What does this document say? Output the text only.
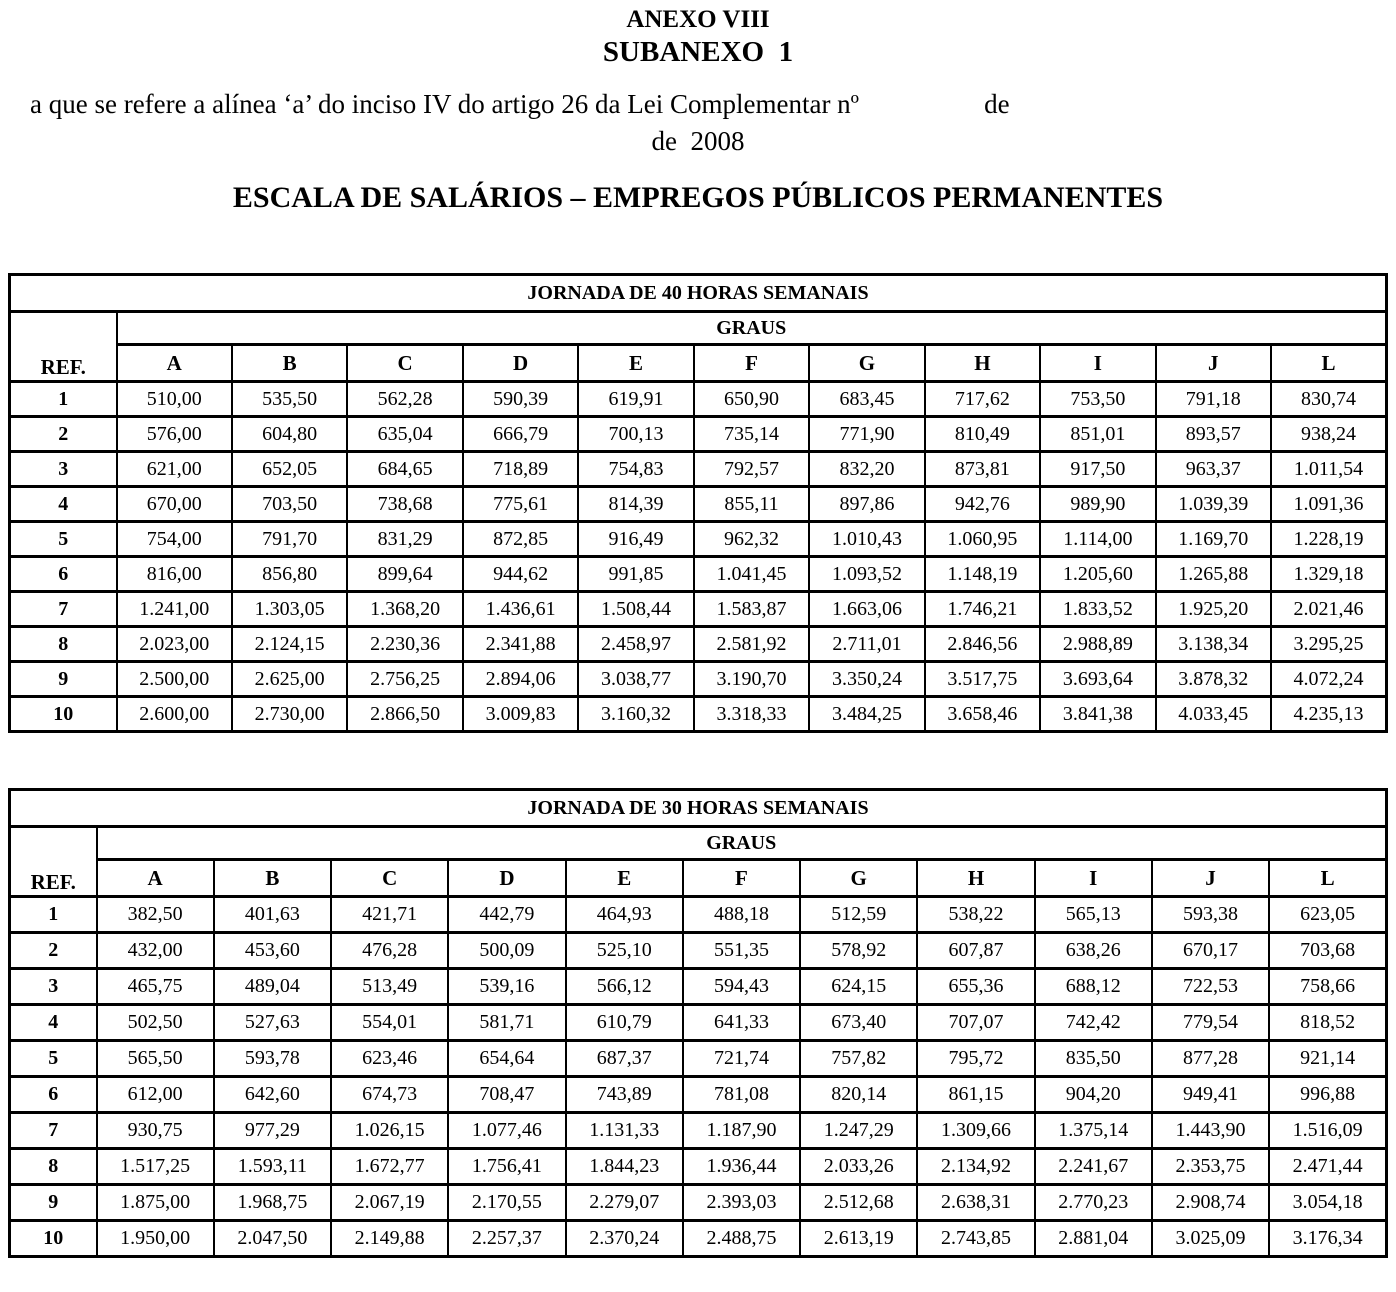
ANEXO VIII
SUBANEXO  1
a que se refere a alínea ‘a’ do inciso IV do artigo 26 da Lei Complementar nº	de
de  2008
ESCALA DE SALÁRIOS – EMPREGOS PÚBLICOS PERMANENTES
JORNADA DE 40 HORAS SEMANAIS											
REF.	GRAUS										
	A	B	C	D	E	F	G	H	I	J	L
1	510,00	535,50	562,28	590,39	619,91	650,90	683,45	717,62	753,50	791,18	830,74
2	576,00	604,80	635,04	666,79	700,13	735,14	771,90	810,49	851,01	893,57	938,24
3	621,00	652,05	684,65	718,89	754,83	792,57	832,20	873,81	917,50	963,37	1.011,54
4	670,00	703,50	738,68	775,61	814,39	855,11	897,86	942,76	989,90	1.039,39	1.091,36
5	754,00	791,70	831,29	872,85	916,49	962,32	1.010,43	1.060,95	1.114,00	1.169,70	1.228,19
6	816,00	856,80	899,64	944,62	991,85	1.041,45	1.093,52	1.148,19	1.205,60	1.265,88	1.329,18
7	1.241,00	1.303,05	1.368,20	1.436,61	1.508,44	1.583,87	1.663,06	1.746,21	1.833,52	1.925,20	2.021,46
8	2.023,00	2.124,15	2.230,36	2.341,88	2.458,97	2.581,92	2.711,01	2.846,56	2.988,89	3.138,34	3.295,25
9	2.500,00	2.625,00	2.756,25	2.894,06	3.038,77	3.190,70	3.350,24	3.517,75	3.693,64	3.878,32	4.072,24
10	2.600,00	2.730,00	2.866,50	3.009,83	3.160,32	3.318,33	3.484,25	3.658,46	3.841,38	4.033,45	4.235,13
JORNADA DE 30 HORAS SEMANAIS											
REF.	GRAUS										
	A	B	C	D	E	F	G	H	I	J	L
1	382,50	401,63	421,71	442,79	464,93	488,18	512,59	538,22	565,13	593,38	623,05
2	432,00	453,60	476,28	500,09	525,10	551,35	578,92	607,87	638,26	670,17	703,68
3	465,75	489,04	513,49	539,16	566,12	594,43	624,15	655,36	688,12	722,53	758,66
4	502,50	527,63	554,01	581,71	610,79	641,33	673,40	707,07	742,42	779,54	818,52
5	565,50	593,78	623,46	654,64	687,37	721,74	757,82	795,72	835,50	877,28	921,14
6	612,00	642,60	674,73	708,47	743,89	781,08	820,14	861,15	904,20	949,41	996,88
7	930,75	977,29	1.026,15	1.077,46	1.131,33	1.187,90	1.247,29	1.309,66	1.375,14	1.443,90	1.516,09
8	1.517,25	1.593,11	1.672,77	1.756,41	1.844,23	1.936,44	2.033,26	2.134,92	2.241,67	2.353,75	2.471,44
9	1.875,00	1.968,75	2.067,19	2.170,55	2.279,07	2.393,03	2.512,68	2.638,31	2.770,23	2.908,74	3.054,18
10	1.950,00	2.047,50	2.149,88	2.257,37	2.370,24	2.488,75	2.613,19	2.743,85	2.881,04	3.025,09	3.176,34
